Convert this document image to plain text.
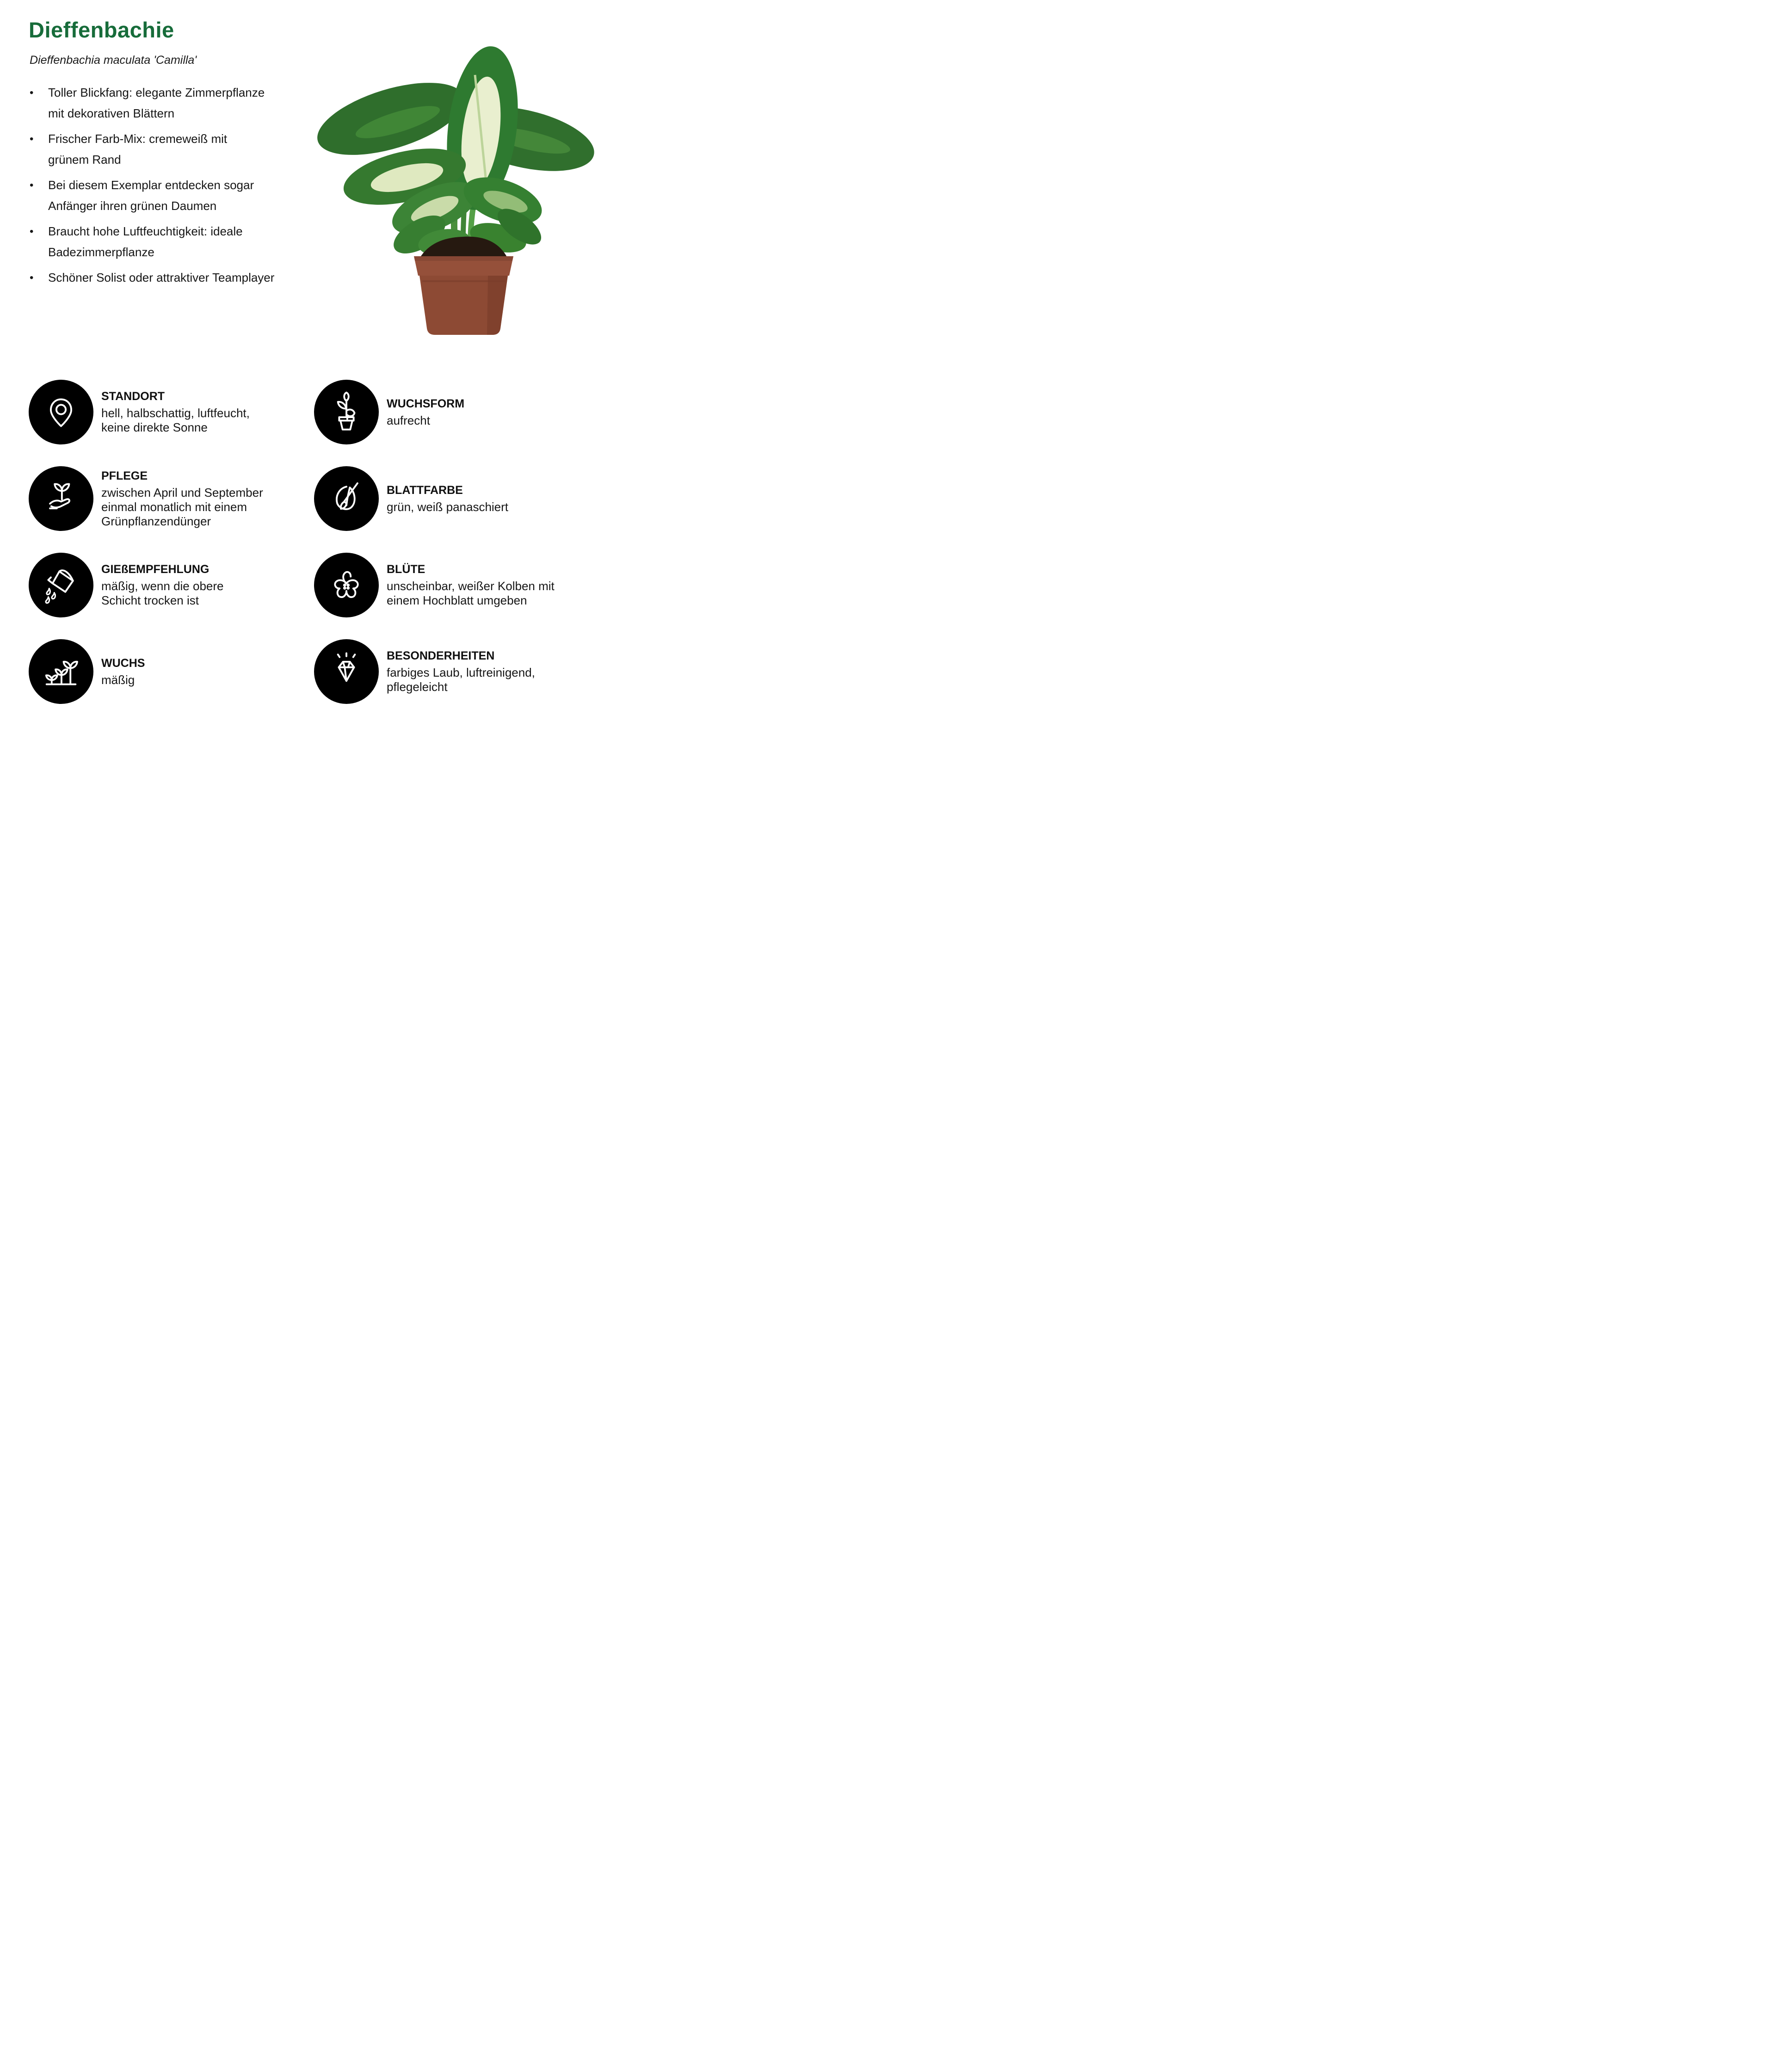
Dieffenbachie
Dieffenbachia maculata 'Camilla'
• Toller Blickfang: elegante Zimmerpflanze
mit dekorativen Blättern
• Frischer Farb-Mix: cremeweiß mit
grünem Rand
• Bei diesem Exemplar entdecken sogar
Anfänger ihren grünen Daumen
• Braucht hohe Luftfeuchtigkeit: ideale
Badezimmerpflanze
• Schöner Solist oder attraktiver Teamplayer
STANDORT
hell, halbschattig, luftfeucht,
keine direkte Sonne
WUCHSFORM
aufrecht
PFLEGE
zwischen April und September
einmal monatlich mit einem
Grünpflanzendünger
BLATTFARBE
grün, weiß panaschiert
GIEßEMPFEHLUNG
mäßig, wenn die obere
Schicht trocken ist
BLÜTE
unscheinbar, weißer Kolben mit
einem Hochblatt umgeben
WUCHS
mäßig
BESONDERHEITEN
farbiges Laub, luftreinigend,
pflegeleicht
